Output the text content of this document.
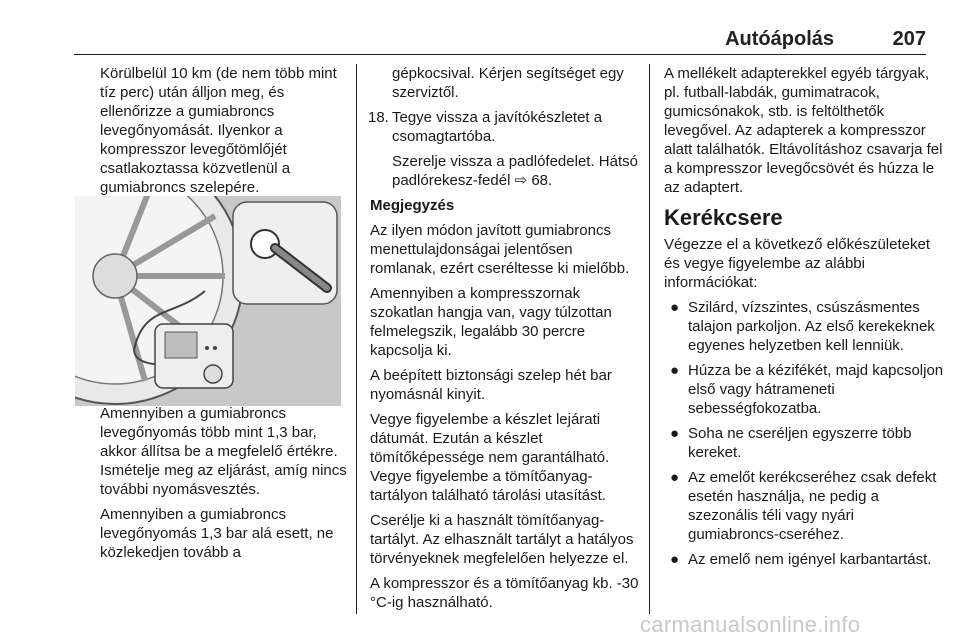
Autóápolás	207

Körülbelül 10 km (de nem több mint tíz perc) után álljon meg, és ellenőrizze a gumiabroncs levegőnyomását. Ilyenkor a kompresszor levegőtömlőjét csatlakoztassa közvetlenül a gumiabroncs szelepére.

Amennyiben a gumiabroncs levegőnyomás több mint 1,3 bar, akkor állítsa be a megfelelő értékre. Ismételje meg az eljárást, amíg nincs további nyomásvesztés.

Amennyiben a gumiabroncs levegőnyomás 1,3 bar alá esett, ne közlekedjen tovább a

gépkocsival. Kérjen segítséget egy szerviztől.

18. Tegye vissza a javítókészletet a csomagtartóba.

Szerelje vissza a padlófedelet. Hátsó padlórekesz-fedél ⇨ 68.

Megjegyzés

Az ilyen módon javított gumiabroncs menettulajdonságai jelentősen romlanak, ezért cseréltesse ki mielőbb.

Amennyiben a kompresszornak szokatlan hangja van, vagy túlzottan felmelegszik, legalább 30 percre kapcsolja ki.

A beépített biztonsági szelep hét bar nyomásnál kinyit.

Vegye figyelembe a készlet lejárati dátumát. Ezután a készlet tömítőképessége nem garantálható. Vegye figyelembe a tömítőanyag-tartályon található tárolási utasítást.

Cserélje ki a használt tömítőanyag-tartályt. Az elhasznált tartályt a hatályos törvényeknek megfelelően helyezze el.

A kompresszor és a tömítőanyag kb. -30 °C-ig használható.

A mellékelt adapterekkel egyéb tárgyak, pl. futball-labdák, gumimatracok, gumicsónakok, stb. is feltölthetők levegővel. Az adapterek a kompresszor alatt találhatók. Eltávolításhoz csavarja fel a kompresszor levegőcsövét és húzza le az adaptert.

Kerékcsere

Végezze el a következő előkészületeket és vegye figyelembe az alábbi információkat:

● Szilárd, vízszintes, csúszásmentes talajon parkoljon. Az első kerekeknek egyenes helyzetben kell lenniük.
● Húzza be a kézifékét, majd kapcsoljon első vagy hátrameneti sebességfokozatba.
● Soha ne cseréljen egyszerre több kereket.
● Az emelőt kerékcseréhez csak defekt esetén használja, ne pedig a szezonális téli vagy nyári gumiabroncs-cseréhez.
● Az emelő nem igényel karbantartást.
carmanualsonline.info
